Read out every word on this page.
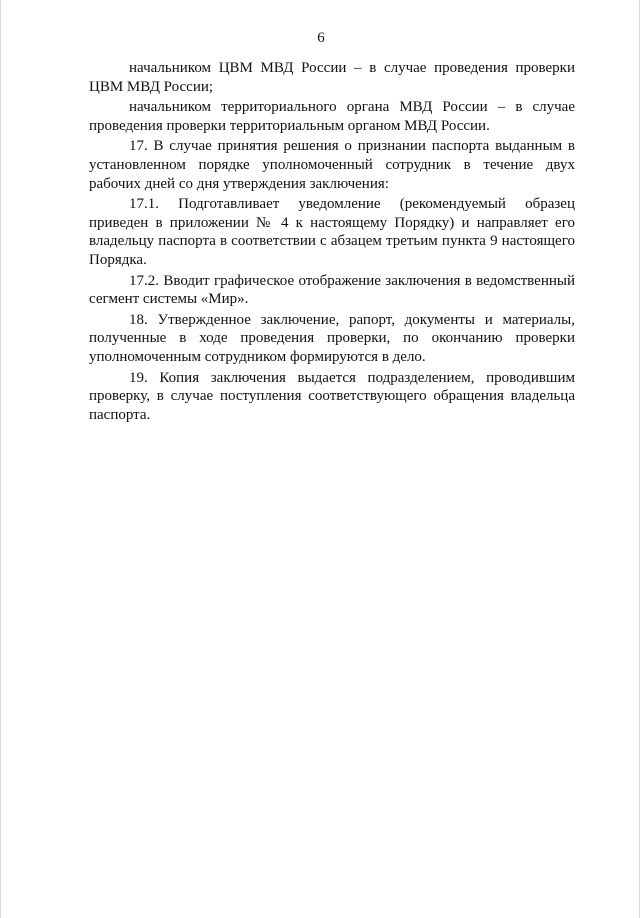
6

начальником ЦВМ МВД России – в случае проведения проверки ЦВМ МВД России;

начальником территориального органа МВД России – в случае проведения проверки территориальным органом МВД России.

17. В случае принятия решения о признании паспорта выданным в установленном порядке уполномоченный сотрудник в течение двух рабочих дней со дня утверждения заключения:

17.1. Подготавливает уведомление (рекомендуемый образец приведен в приложении № 4 к настоящему Порядку) и направляет его владельцу паспорта в соответствии с абзацем третьим пункта 9 настоящего Порядка.

17.2. Вводит графическое отображение заключения в ведомственный сегмент системы «Мир».

18. Утвержденное заключение, рапорт, документы и материалы, полученные в ходе проведения проверки, по окончанию проверки уполномоченным сотрудником формируются в дело.

19. Копия заключения выдается подразделением, проводившим проверку, в случае поступления соответствующего обращения владельца паспорта.
